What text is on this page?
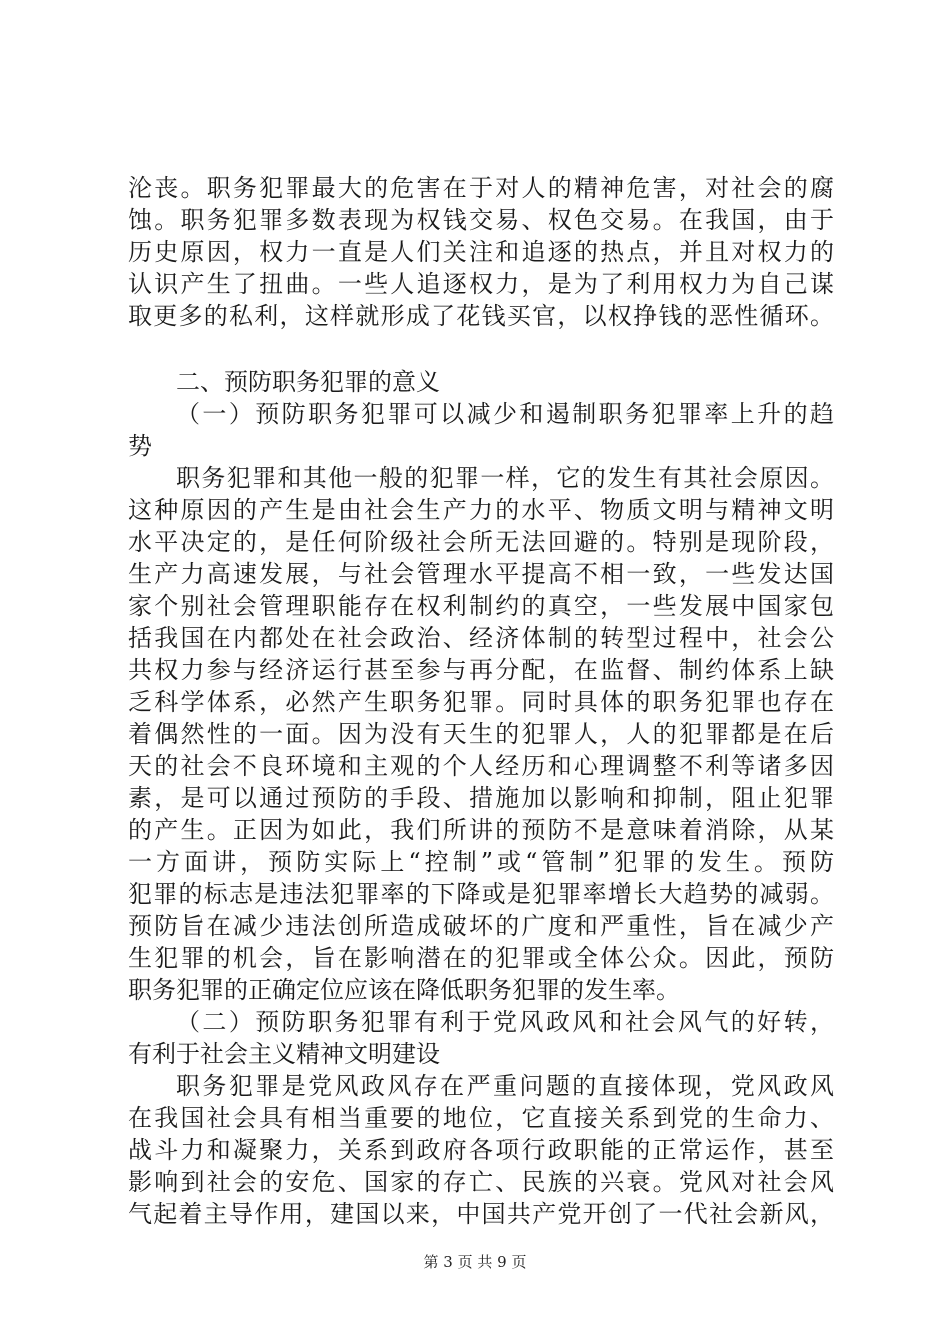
沦丧。职务犯罪最大的危害在于对人的精神危害，对社会的腐
蚀。职务犯罪多数表现为权钱交易、权色交易。在我国，由于
历史原因，权力一直是人们关注和追逐的热点，并且对权力的
认识产生了扭曲。一些人追逐权力，是为了利用权力为自己谋
取更多的私利，这样就形成了花钱买官，以权挣钱的恶性循环。
二、预防职务犯罪的意义
（一）预防职务犯罪可以减少和遏制职务犯罪率上升的趋
势
职务犯罪和其他一般的犯罪一样，它的发生有其社会原因。
这种原因的产生是由社会生产力的水平、物质文明与精神文明
水平决定的，是任何阶级社会所无法回避的。特别是现阶段，
生产力高速发展，与社会管理水平提高不相一致，一些发达国
家个别社会管理职能存在权利制约的真空，一些发展中国家包
括我国在内都处在社会政治、经济体制的转型过程中，社会公
共权力参与经济运行甚至参与再分配，在监督、制约体系上缺
乏科学体系，必然产生职务犯罪。同时具体的职务犯罪也存在
着偶然性的一面。因为没有天生的犯罪人，人的犯罪都是在后
天的社会不良环境和主观的个人经历和心理调整不利等诸多因
素，是可以通过预防的手段、措施加以影响和抑制，阻止犯罪
的产生。正因为如此，我们所讲的预防不是意味着消除，从某
一方面讲，预防实际上“控制”或“管制”犯罪的发生。预防
犯罪的标志是违法犯罪率的下降或是犯罪率增长大趋势的减弱。
预防旨在减少违法创所造成破坏的广度和严重性，旨在减少产
生犯罪的机会，旨在影响潜在的犯罪或全体公众。因此，预防
职务犯罪的正确定位应该在降低职务犯罪的发生率。
（二）预防职务犯罪有利于党风政风和社会风气的好转，
有利于社会主义精神文明建设
职务犯罪是党风政风存在严重问题的直接体现，党风政风
在我国社会具有相当重要的地位，它直接关系到党的生命力、
战斗力和凝聚力，关系到政府各项行政职能的正常运作，甚至
影响到社会的安危、国家的存亡、民族的兴衰。党风对社会风
气起着主导作用，建国以来，中国共产党开创了一代社会新风，
第 3 页 共 9 页
